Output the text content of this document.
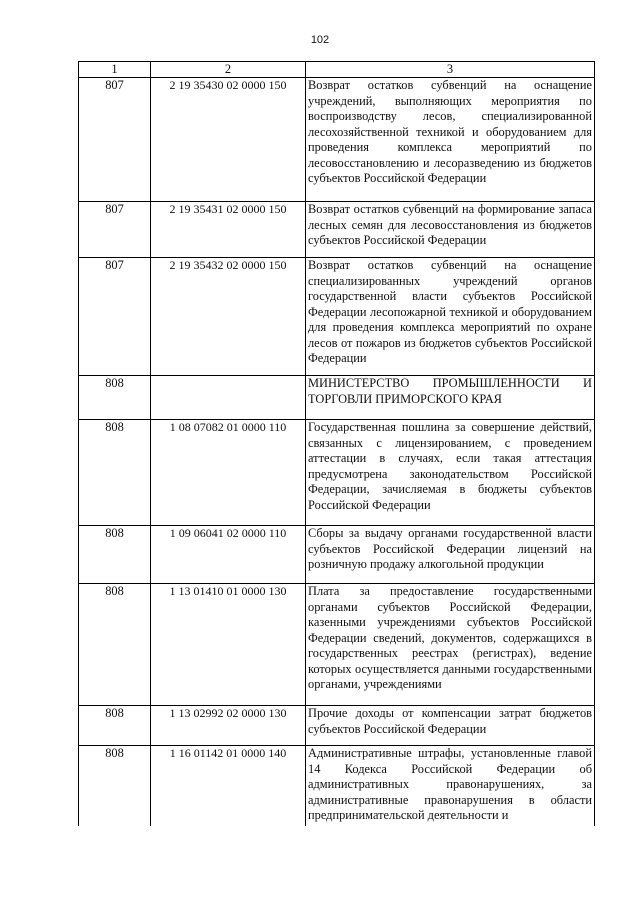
102
1	2	3
807	2 19 35430 02 0000 150	Возврат остатков субвенций на оснащение учреждений, выполняющих мероприятия по воспроизводству лесов, специализированной лесохозяйственной техникой и оборудованием для проведения комплекса мероприятий по лесовосстановлению и лесоразведению из бюджетов субъектов Российской Федерации
807	2 19 35431 02 0000 150	Возврат остатков субвенций на формирование запаса лесных семян для лесовосстановления из бюджетов субъектов Российской Федерации
807	2 19 35432 02 0000 150	Возврат остатков субвенций на оснащение специализированных учреждений органов государственной власти субъектов Российской Федерации лесопожарной техникой и оборудованием для проведения комплекса мероприятий по охране лесов от пожаров из бюджетов субъектов Российской Федерации
808		МИНИСТЕРСТВО ПРОМЫШЛЕННОСТИ И ТОРГОВЛИ ПРИМОРСКОГО КРАЯ
808	1 08 07082 01 0000 110	Государственная пошлина за совершение действий, связанных с лицензированием, с проведением аттестации в случаях, если такая аттестация предусмотрена законодательством Российской Федерации, зачисляемая в бюджеты субъектов Российской Федерации
808	1 09 06041 02 0000 110	Сборы за выдачу органами государственной власти субъектов Российской Федерации лицензий на розничную продажу алкогольной продукции
808	1 13 01410 01 0000 130	Плата за предоставление государственными органами субъектов Российской Федерации, казенными учреждениями субъектов Российской Федерации сведений, документов, содержащихся в государственных реестрах (регистрах), ведение которых осуществляется данными государственными органами, учреждениями
808	1 13 02992 02 0000 130	Прочие доходы от компенсации затрат бюджетов субъектов Российской Федерации
808	1 16 01142 01 0000 140	Административные штрафы, установленные главой 14 Кодекса Российской Федерации об административных правонарушениях, за административные правонарушения в области предпринимательской деятельности и
